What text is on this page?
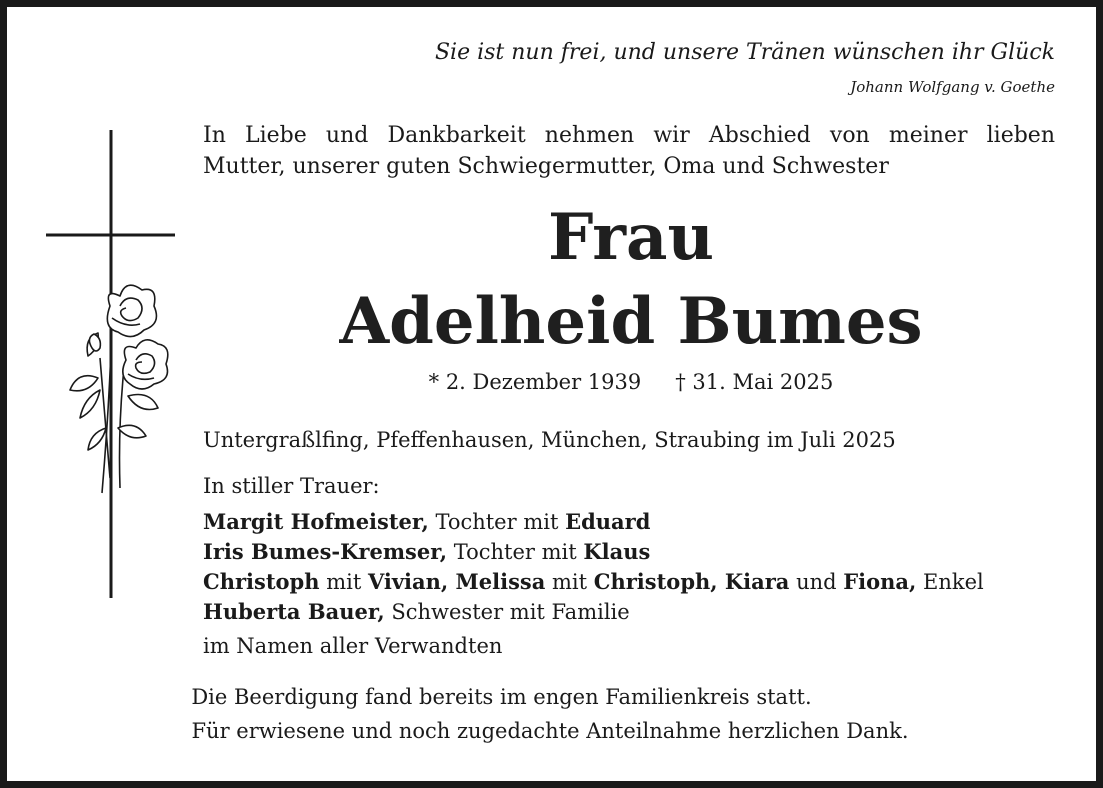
Sie ist nun frei, und unsere Tränen wünschen ihr Glück

Johann Wolfgang v. Goethe

In Liebe und Dankbarkeit nehmen wir Abschied von meiner lieben
Mutter, unserer guten Schwiegermutter, Oma und Schwester
Frau
Adelheid Bumes
* 2. Dezember 1939 † 31. Mai 2025
Untergraßlfing, Pfeffenhausen, München, Straubing im Juli 2025
In stiller Trauer:
Margit Hofmeister, Tochter mit Eduard
Iris Bumes-Kremser, Tochter mit Klaus
Christoph mit Vivian, Melissa mit Christoph, Kiara und Fiona, Enkel
Huberta Bauer, Schwester mit Familie
im Namen aller Verwandten
Die Beerdigung fand bereits im engen Familienkreis statt.
Für erwiesene und noch zugedachte Anteilnahme herzlichen Dank.
